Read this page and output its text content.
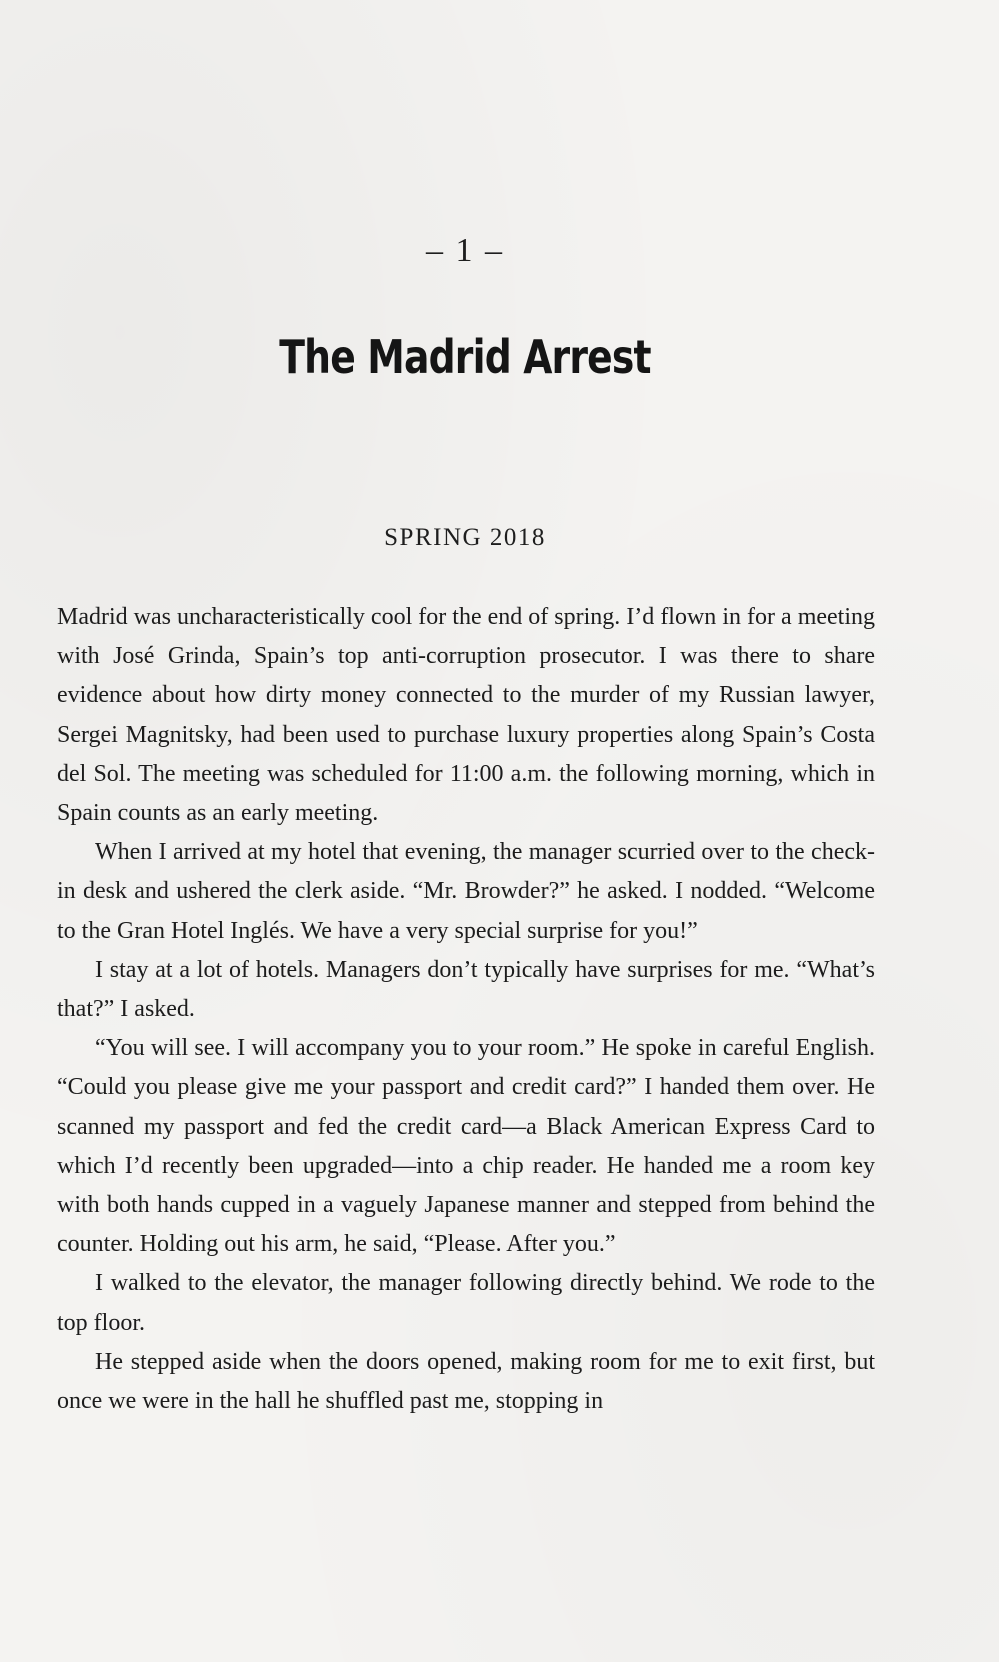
– 1 –
The Madrid Arrest
SPRING 2018

Madrid was uncharacteristically cool for the end of spring. I’d flown in for a meeting with José Grinda, Spain’s top anti-corruption prosecutor. I was there to share evidence about how dirty money connected to the murder of my Russian lawyer, Sergei Magnitsky, had been used to purchase luxury properties along Spain’s Costa del Sol. The meeting was scheduled for 11:00 a.m. the following morning, which in Spain counts as an early meeting.

When I arrived at my hotel that evening, the manager scurried over to the check-in desk and ushered the clerk aside. “Mr. Browder?” he asked. I nodded. “Welcome to the Gran Hotel Inglés. We have a very special surprise for you!”

I stay at a lot of hotels. Managers don’t typically have surprises for me. “What’s that?” I asked.

“You will see. I will accompany you to your room.” He spoke in careful English. “Could you please give me your passport and credit card?” I handed them over. He scanned my passport and fed the credit card—a Black American Express Card to which I’d recently been upgraded—into a chip reader. He handed me a room key with both hands cupped in a vaguely Japanese manner and stepped from behind the counter. Holding out his arm, he said, “Please. After you.”

I walked to the elevator, the manager following directly behind. We rode to the top floor.

He stepped aside when the doors opened, making room for me to exit first, but once we were in the hall he shuffled past me, stopping in
